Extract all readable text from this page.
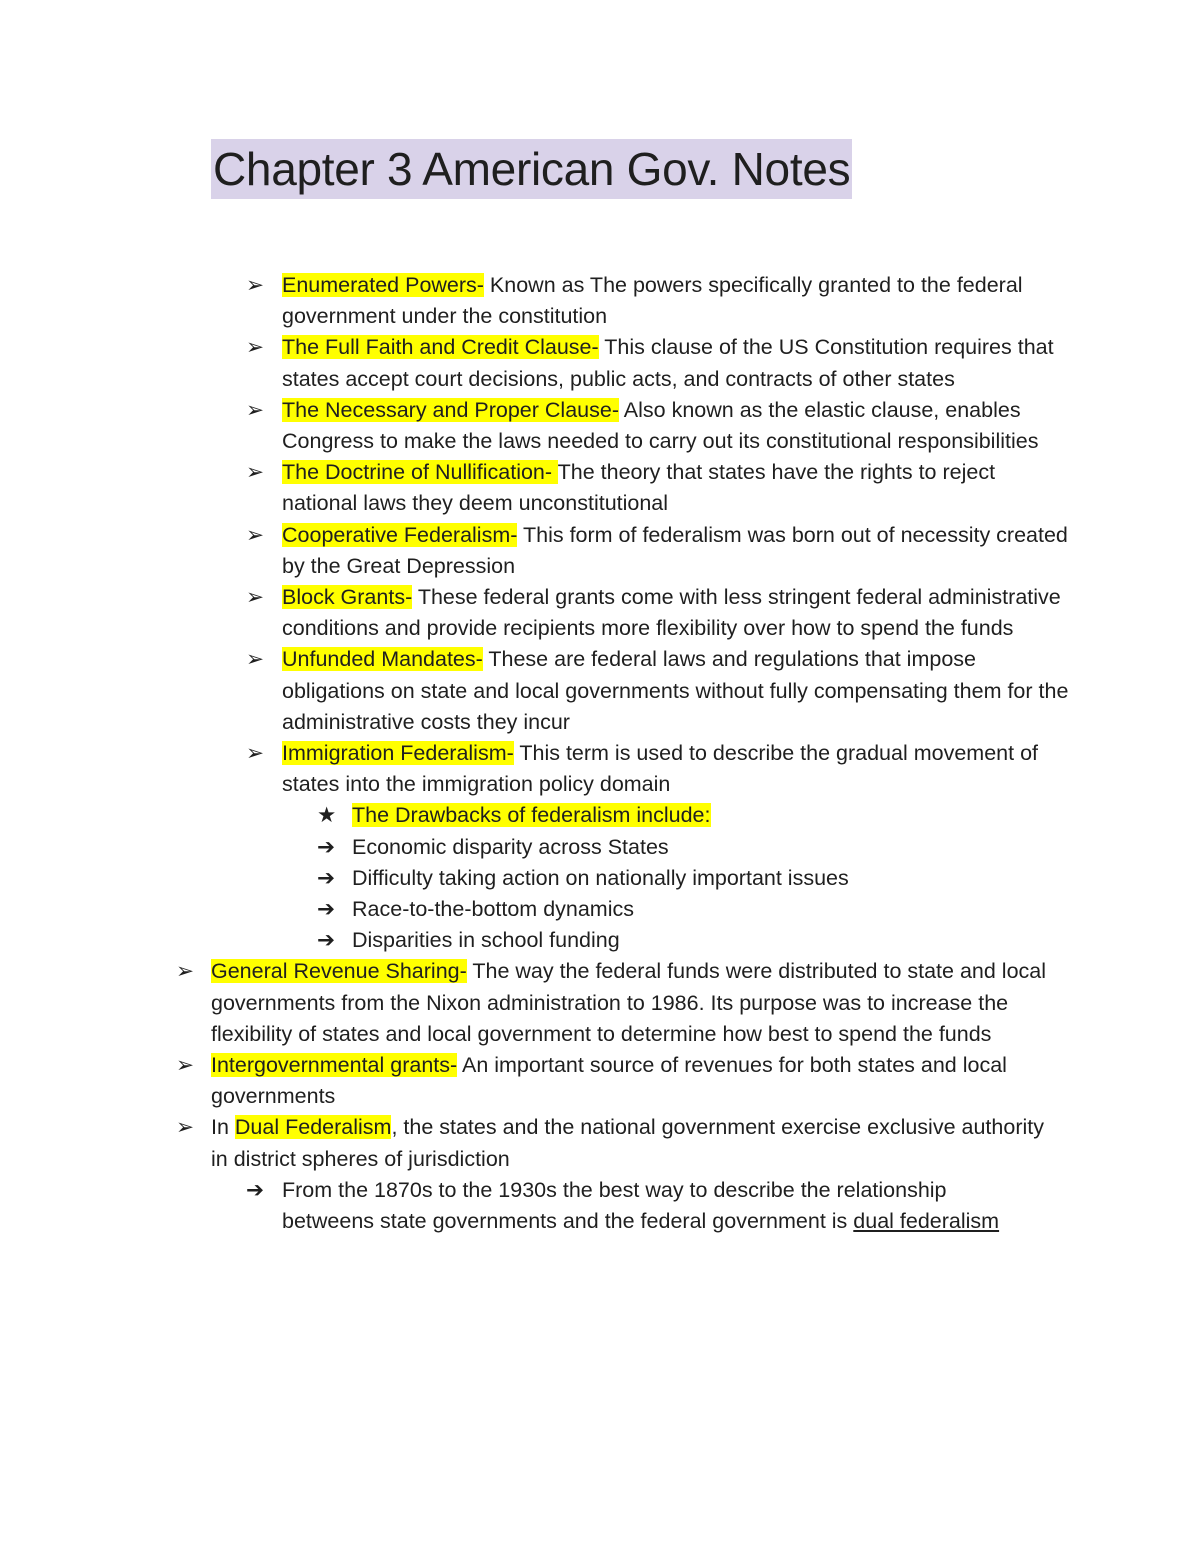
Chapter 3 American Gov. Notes
➢ Enumerated Powers- Known as The powers specifically granted to the federal government under the constitution
➢ The Full Faith and Credit Clause- This clause of the US Constitution requires that states accept court decisions, public acts, and contracts of other states
➢ The Necessary and Proper Clause- Also known as the elastic clause, enables Congress to make the laws needed to carry out its constitutional responsibilities
➢ The Doctrine of Nullification- The theory that states have the rights to reject national laws they deem unconstitutional
➢ Cooperative Federalism- This form of federalism was born out of necessity created by the Great Depression
➢ Block Grants- These federal grants come with less stringent federal administrative conditions and provide recipients more flexibility over how to spend the funds
➢ Unfunded Mandates- These are federal laws and regulations that impose obligations on state and local governments without fully compensating them for the administrative costs they incur
➢ Immigration Federalism- This term is used to describe the gradual movement of states into the immigration policy domain
★ The Drawbacks of federalism include:
➔ Economic disparity across States
➔ Difficulty taking action on nationally important issues
➔ Race-to-the-bottom dynamics
➔ Disparities in school funding
➢ General Revenue Sharing- The way the federal funds were distributed to state and local governments from the Nixon administration to 1986. Its purpose was to increase the flexibility of states and local government to determine how best to spend the funds
➢ Intergovernmental grants- An important source of revenues for both states and local governments
➢ In Dual Federalism, the states and the national government exercise exclusive authority in district spheres of jurisdiction
➔ From the 1870s to the 1930s the best way to describe the relationship betweens state governments and the federal government is dual federalism
